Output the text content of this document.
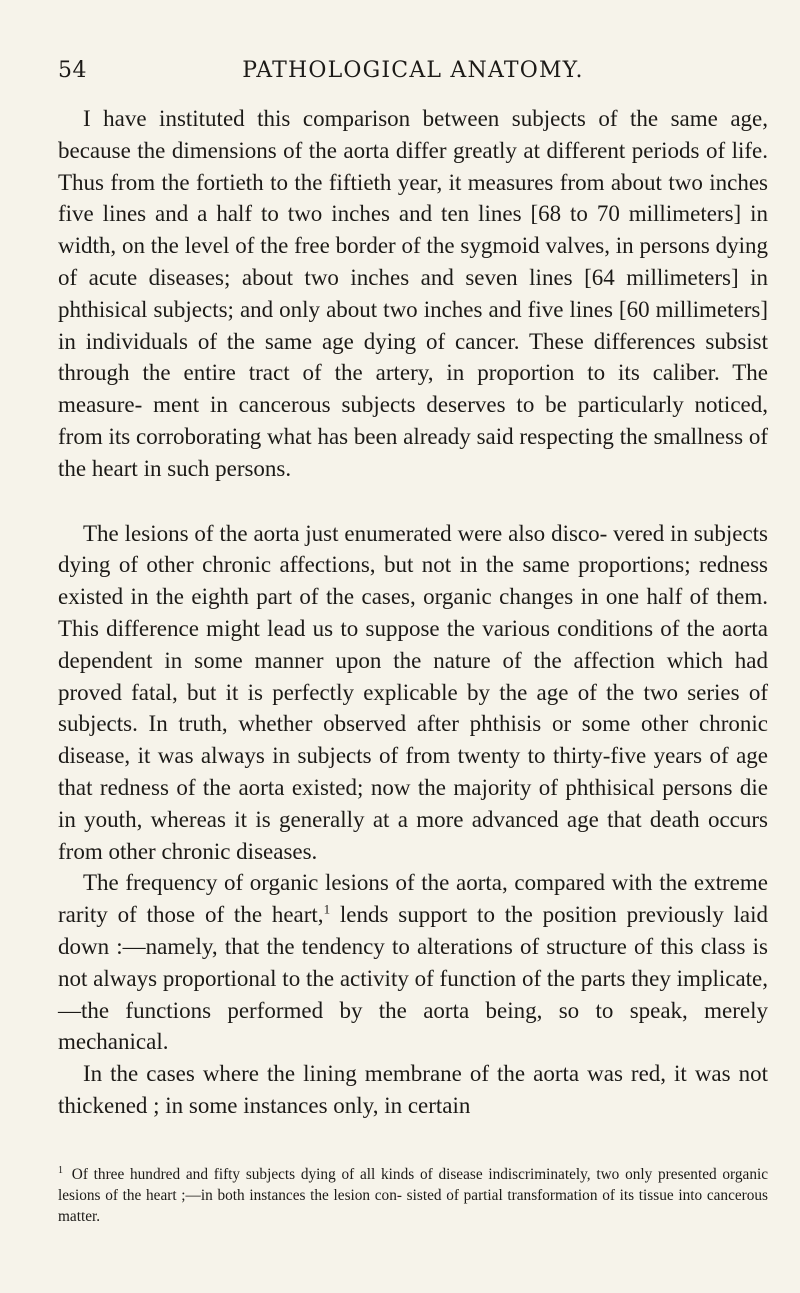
54	PATHOLOGICAL ANATOMY.

I have instituted this comparison between subjects of the same age, because the dimensions of the aorta differ greatly at different periods of life. Thus from the fortieth to the fiftieth year, it measures from about two inches five lines and a half to two inches and ten lines [68 to 70 millimeters] in width, on the level of the free border of the sygmoid valves, in persons dying of acute diseases; about two inches and seven lines [64 millimeters] in phthisical subjects; and only about two inches and five lines [60 millimeters] in individuals of the same age dying of cancer. These differences subsist through the entire tract of the artery, in proportion to its caliber. The measure- ment in cancerous subjects deserves to be particularly noticed, from its corroborating what has been already said respecting the smallness of the heart in such persons.

The lesions of the aorta just enumerated were also disco- vered in subjects dying of other chronic affections, but not in the same proportions; redness existed in the eighth part of the cases, organic changes in one half of them. This difference might lead us to suppose the various conditions of the aorta dependent in some manner upon the nature of the affection which had proved fatal, but it is perfectly explicable by the age of the two series of subjects. In truth, whether observed after phthisis or some other chronic disease, it was always in subjects of from twenty to thirty-five years of age that redness of the aorta existed; now the majority of phthisical persons die in youth, whereas it is generally at a more advanced age that death occurs from other chronic diseases.

The frequency of organic lesions of the aorta, compared with the extreme rarity of those of the heart,$^1$ lends support to the position previously laid down :—namely, that the tendency to alterations of structure of this class is not always proportional to the activity of function of the parts they implicate,—the functions performed by the aorta being, so to speak, merely mechanical.

In the cases where the lining membrane of the aorta was red, it was not thickened ; in some instances only, in certain

$^1$ Of three hundred and fifty subjects dying of all kinds of disease indiscriminately, two only presented organic lesions of the heart ;—in both instances the lesion con- sisted of partial transformation of its tissue into cancerous matter.
